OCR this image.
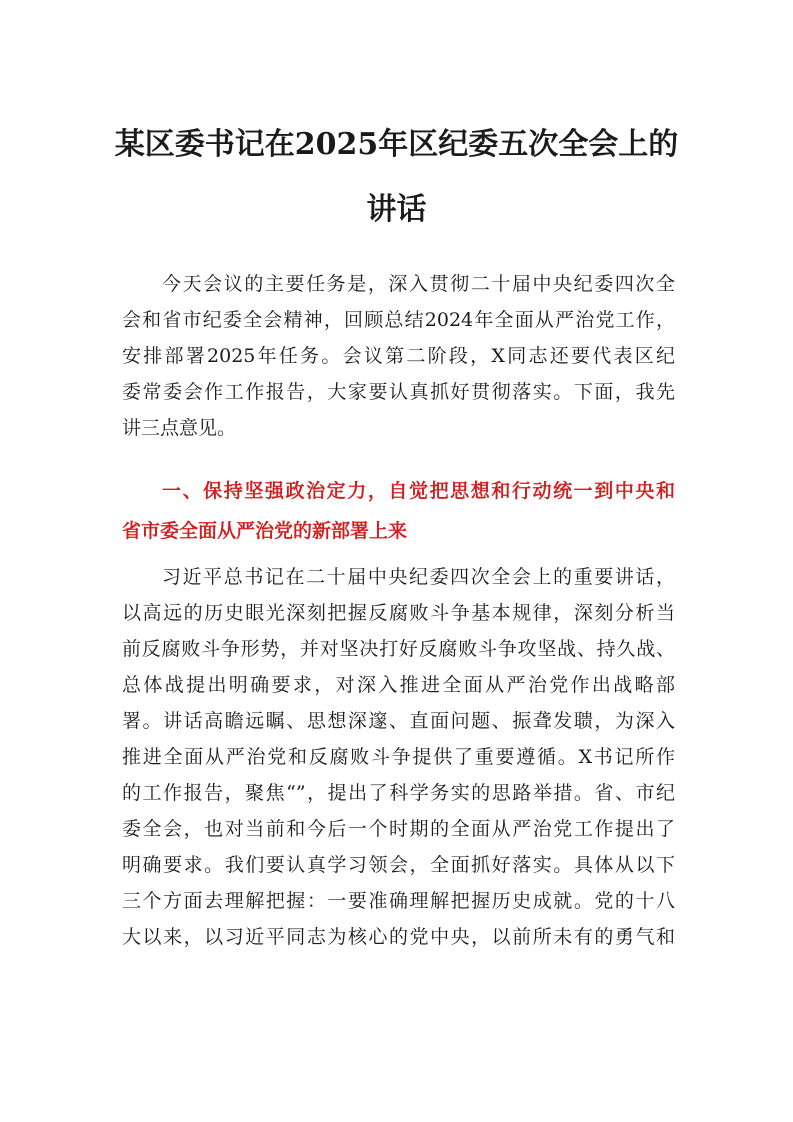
某区委书记在2025年区纪委五次全会上的
讲话
今天会议的主要任务是，深入贯彻二十届中央纪委四次全
会和省市纪委全会精神，回顾总结2024年全面从严治党工作，
安排部署2025年任务。会议第二阶段，X同志还要代表区纪
委常委会作工作报告，大家要认真抓好贯彻落实。下面，我先
讲三点意见。
一、保持坚强政治定力，自觉把思想和行动统一到中央和
省市委全面从严治党的新部署上来
习近平总书记在二十届中央纪委四次全会上的重要讲话，
以高远的历史眼光深刻把握反腐败斗争基本规律，深刻分析当
前反腐败斗争形势，并对坚决打好反腐败斗争攻坚战、持久战、
总体战提出明确要求，对深入推进全面从严治党作出战略部
署。讲话高瞻远瞩、思想深邃、直面问题、振聋发聩，为深入
推进全面从严治党和反腐败斗争提供了重要遵循。X书记所作
的工作报告，聚焦“”，提出了科学务实的思路举措。省、市纪
委全会，也对当前和今后一个时期的全面从严治党工作提出了
明确要求。我们要认真学习领会，全面抓好落实。具体从以下
三个方面去理解把握：一要准确理解把握历史成就。党的十八
大以来，以习近平同志为核心的党中央，以前所未有的勇气和
